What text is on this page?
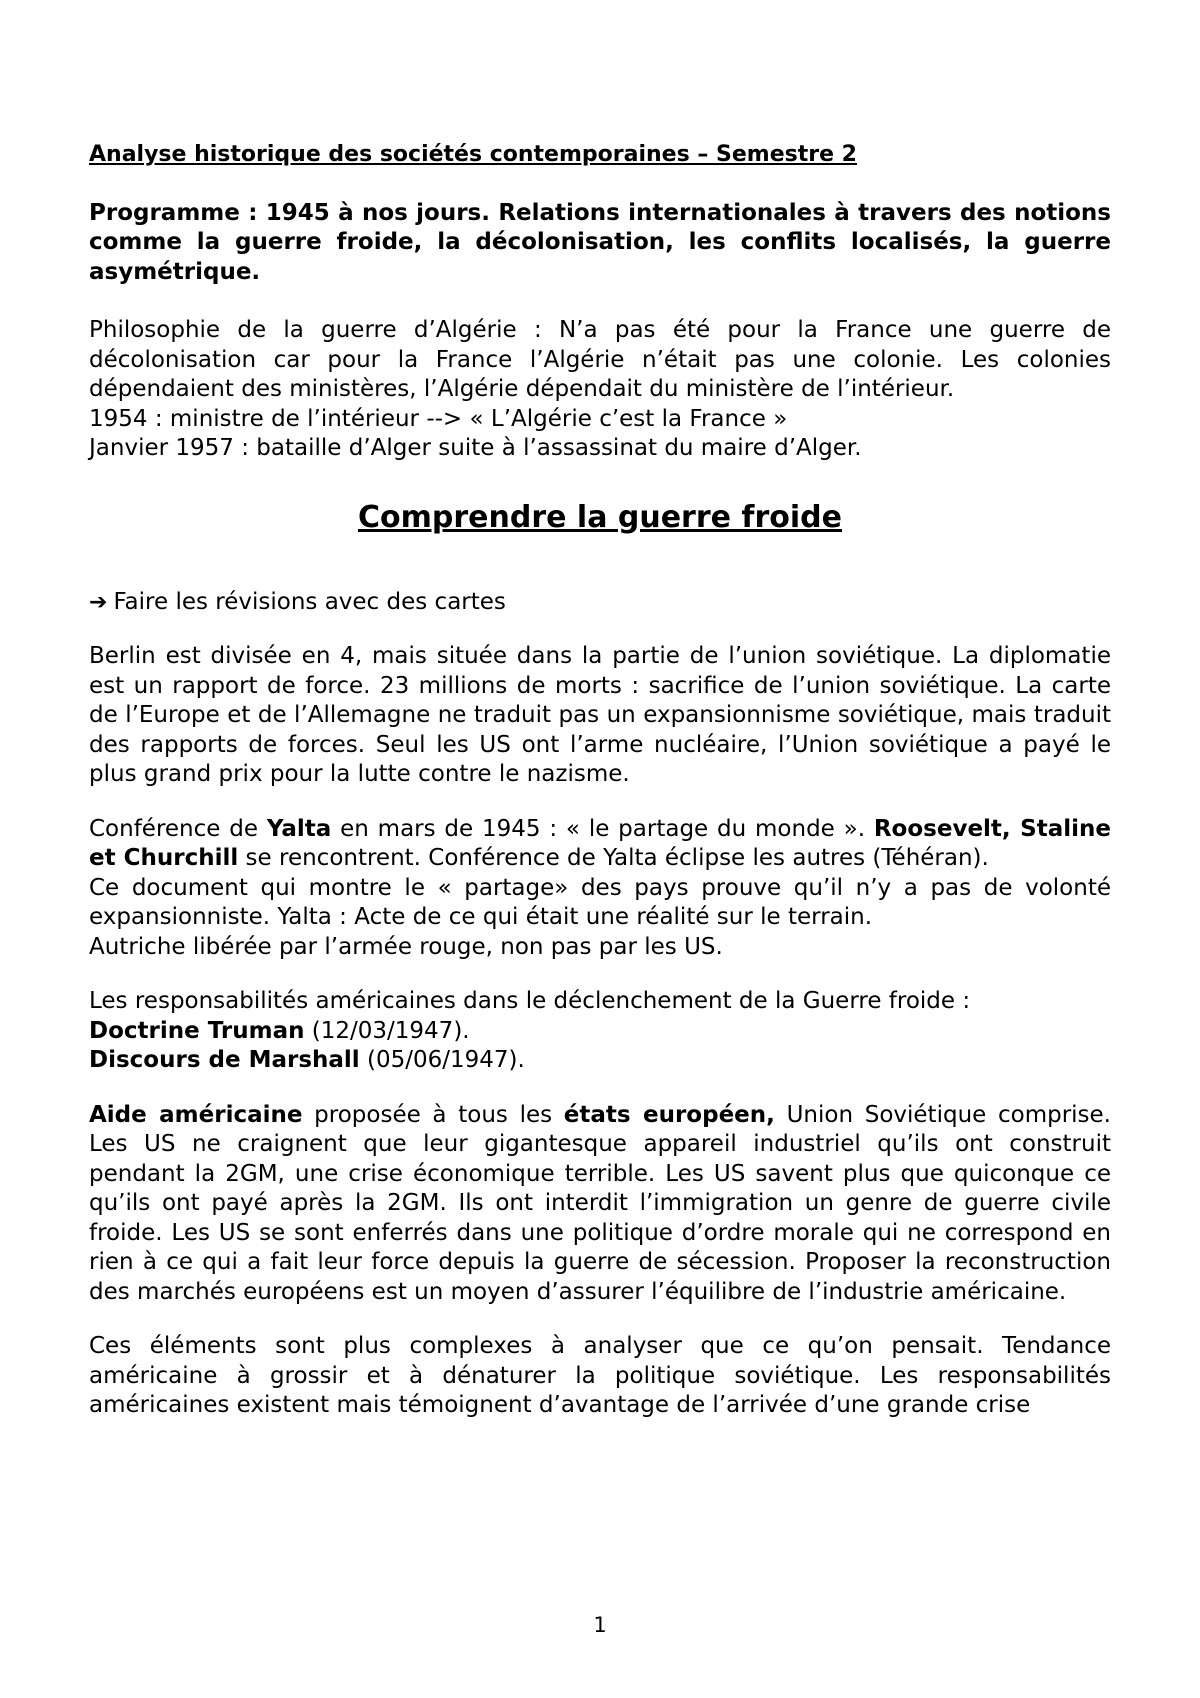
Analyse historique des sociétés contemporaines – Semestre 2

Programme : 1945 à nos jours. Relations internationales à travers des notions comme la guerre froide, la décolonisation, les conflits localisés, la guerre asymétrique.

Philosophie de la guerre d’Algérie : N’a pas été pour la France une guerre de décolonisation car pour la France l’Algérie n’était pas une colonie. Les colonies dépendaient des ministères, l’Algérie dépendait du ministère de l’intérieur.

1954 : ministre de l’intérieur --> « L’Algérie c’est la France »

Janvier 1957 : bataille d’Alger suite à l’assassinat du maire d’Alger.

Comprendre la guerre froide

➔ Faire les révisions avec des cartes

Berlin est divisée en 4, mais située dans la partie de l’union soviétique. La diplomatie est un rapport de force. 23 millions de morts : sacrifice de l’union soviétique. La carte de l’Europe et de l’Allemagne ne traduit pas un expansionnisme soviétique, mais traduit des rapports de forces. Seul les US ont l’arme nucléaire, l’Union soviétique a payé le plus grand prix pour la lutte contre le nazisme.

Conférence de Yalta en mars de 1945 : « le partage du monde ». Roosevelt, Staline et Churchill se rencontrent. Conférence de Yalta éclipse les autres (Téhéran).

Ce document qui montre le « partage» des pays prouve qu’il n’y a pas de volonté expansionniste. Yalta : Acte de ce qui était une réalité sur le terrain.

Autriche libérée par l’armée rouge, non pas par les US.

Les responsabilités américaines dans le déclenchement de la Guerre froide :

Doctrine Truman (12/03/1947).

Discours de Marshall (05/06/1947).

Aide américaine proposée à tous les états européen, Union Soviétique comprise. Les US ne craignent que leur gigantesque appareil industriel qu’ils ont construit pendant la 2GM, une crise économique terrible. Les US savent plus que quiconque ce qu’ils ont payé après la 2GM. Ils ont interdit l’immigration un genre de guerre civile froide. Les US se sont enferrés dans une politique d’ordre morale qui ne correspond en rien à ce qui a fait leur force depuis la guerre de sécession. Proposer la reconstruction des marchés européens est un moyen d’assurer l’équilibre de l’industrie américaine.

Ces éléments sont plus complexes à analyser que ce qu’on pensait. Tendance américaine à grossir et à dénaturer la politique soviétique. Les responsabilités américaines existent mais témoignent d’avantage de l’arrivée d’une grande crise

1
